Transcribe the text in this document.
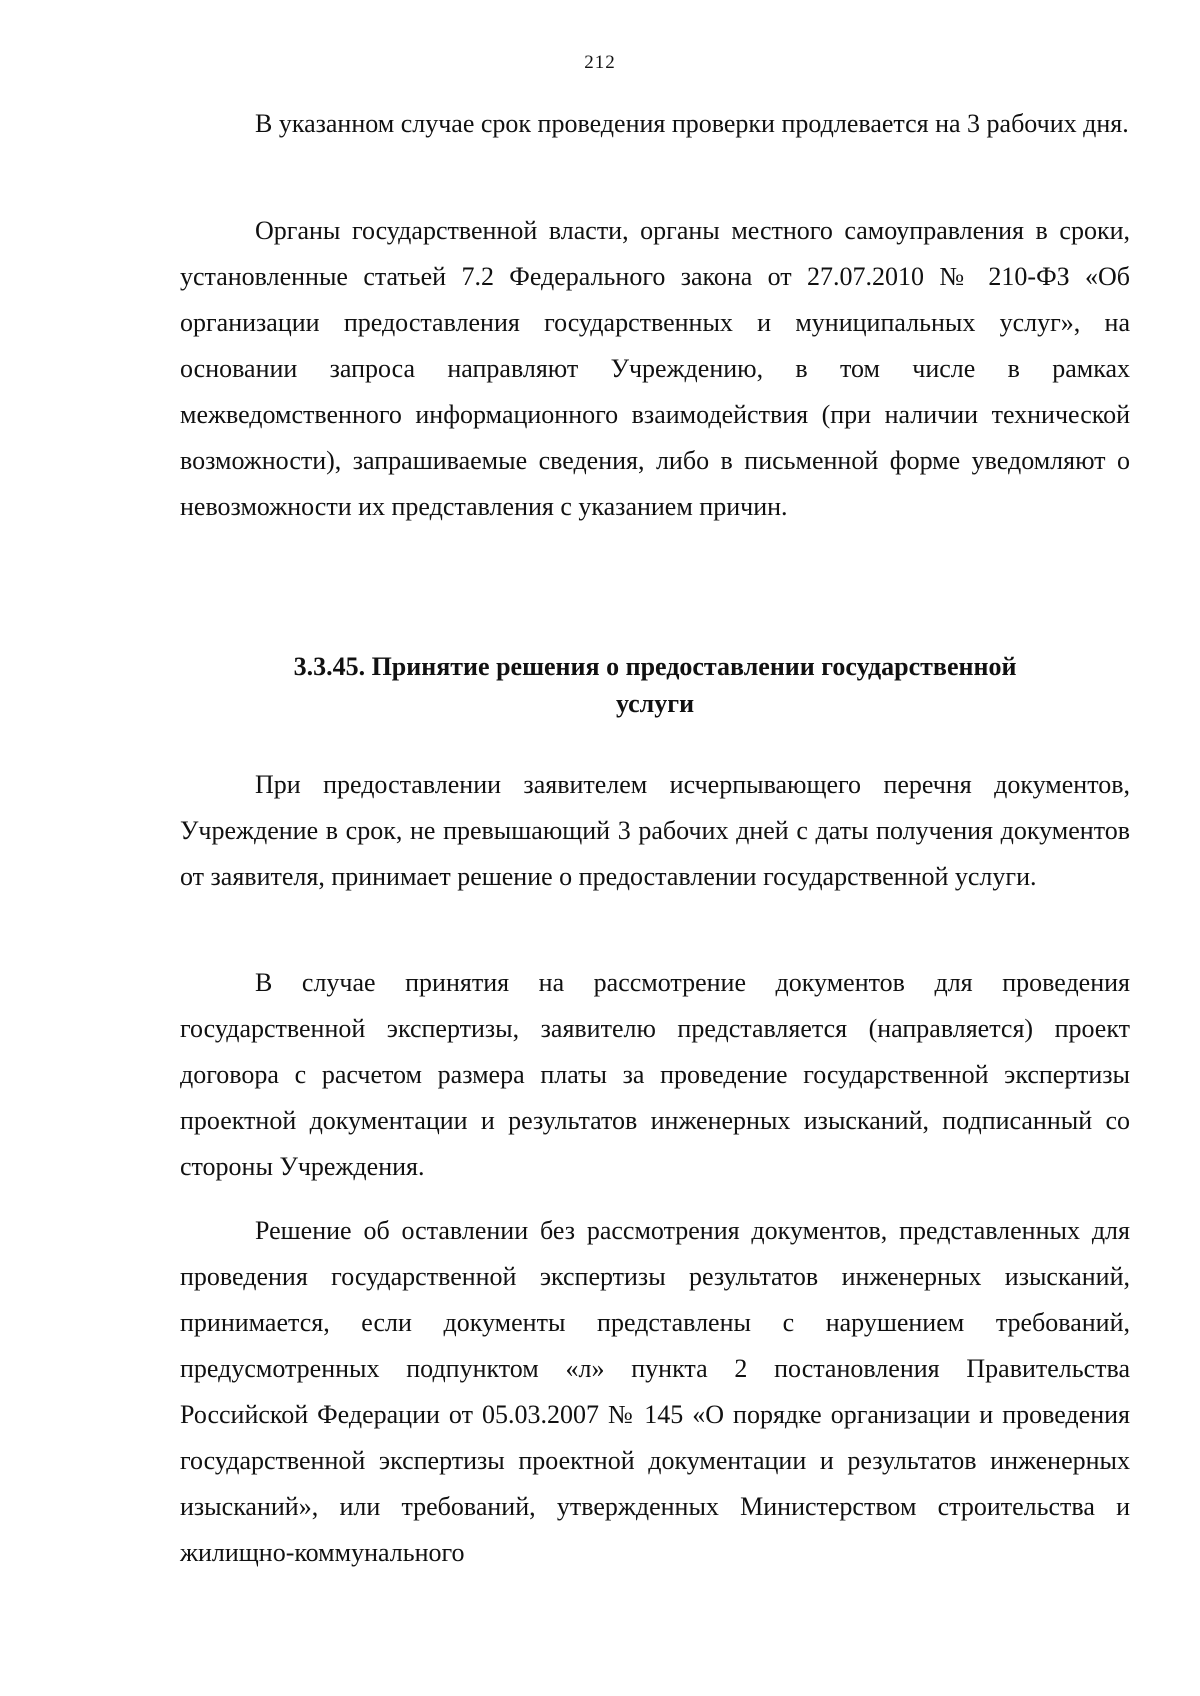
212

В указанном случае срок проведения проверки продлевается на 3 рабочих дня.

Органы государственной власти, органы местного самоуправления в сроки, установленные статьей 7.2 Федерального закона от 27.07.2010 № 210-ФЗ «Об организации предоставления государственных и муниципальных услуг», на основании запроса направляют Учреждению, в том числе в рамках межведомственного информационного взаимодействия (при наличии технической возможности), запрашиваемые сведения, либо в письменной форме уведомляют о невозможности их представления с указанием причин.

3.3.45. Принятие решения о предоставлении государственной
услуги

При предоставлении заявителем исчерпывающего перечня документов, Учреждение в срок, не превышающий 3 рабочих дней с даты получения документов от заявителя, принимает решение о предоставлении государственной услуги.

В случае принятия на рассмотрение документов для проведения государственной экспертизы, заявителю представляется (направляется) проект договора с расчетом размера платы за проведение государственной экспертизы проектной документации и результатов инженерных изысканий, подписанный со стороны Учреждения.

Решение об оставлении без рассмотрения документов, представленных для проведения государственной экспертизы результатов инженерных изысканий, принимается, если документы представлены с нарушением требований, предусмотренных подпунктом «л» пункта 2 постановления Правительства Российской Федерации от 05.03.2007 № 145 «О порядке организации и проведения государственной экспертизы проектной документации и результатов инженерных изысканий», или требований, утвержденных Министерством строительства и жилищно-коммунального
